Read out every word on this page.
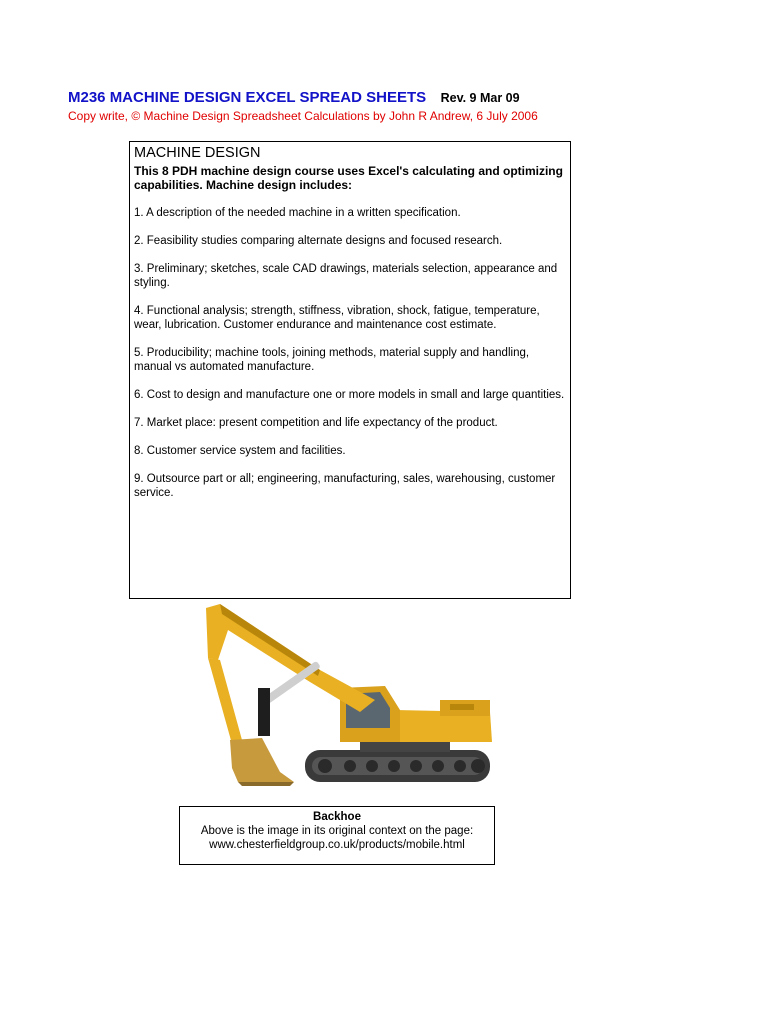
M236 MACHINE DESIGN EXCEL SPREAD SHEETS Rev. 9 Mar 09
Copy write, © Machine Design Spreadsheet Calculations by John R Andrew, 6 July 2006
MACHINE DESIGN
This 8 PDH machine design course uses Excel's calculating and optimizing capabilities. Machine design includes:

1. A description of the needed machine in a written specification.

2. Feasibility studies comparing alternate designs and focused research.

3. Preliminary; sketches, scale CAD drawings, materials selection, appearance and styling.

4. Functional analysis; strength, stiffness, vibration, shock, fatigue, temperature, wear, lubrication. Customer endurance and maintenance cost estimate.

5. Producibility; machine tools, joining methods, material supply and handling, manual vs automated manufacture.

6. Cost to design and manufacture one or more models in small and large quantities.

7. Market place: present competition and life expectancy of the product.

8. Customer service system and facilities.

9. Outsource part or all; engineering, manufacturing, sales, warehousing, customer service.

Backhoe
Above is the image in its original context on the page:
www.chesterfieldgroup.co.uk/products/mobile.html
